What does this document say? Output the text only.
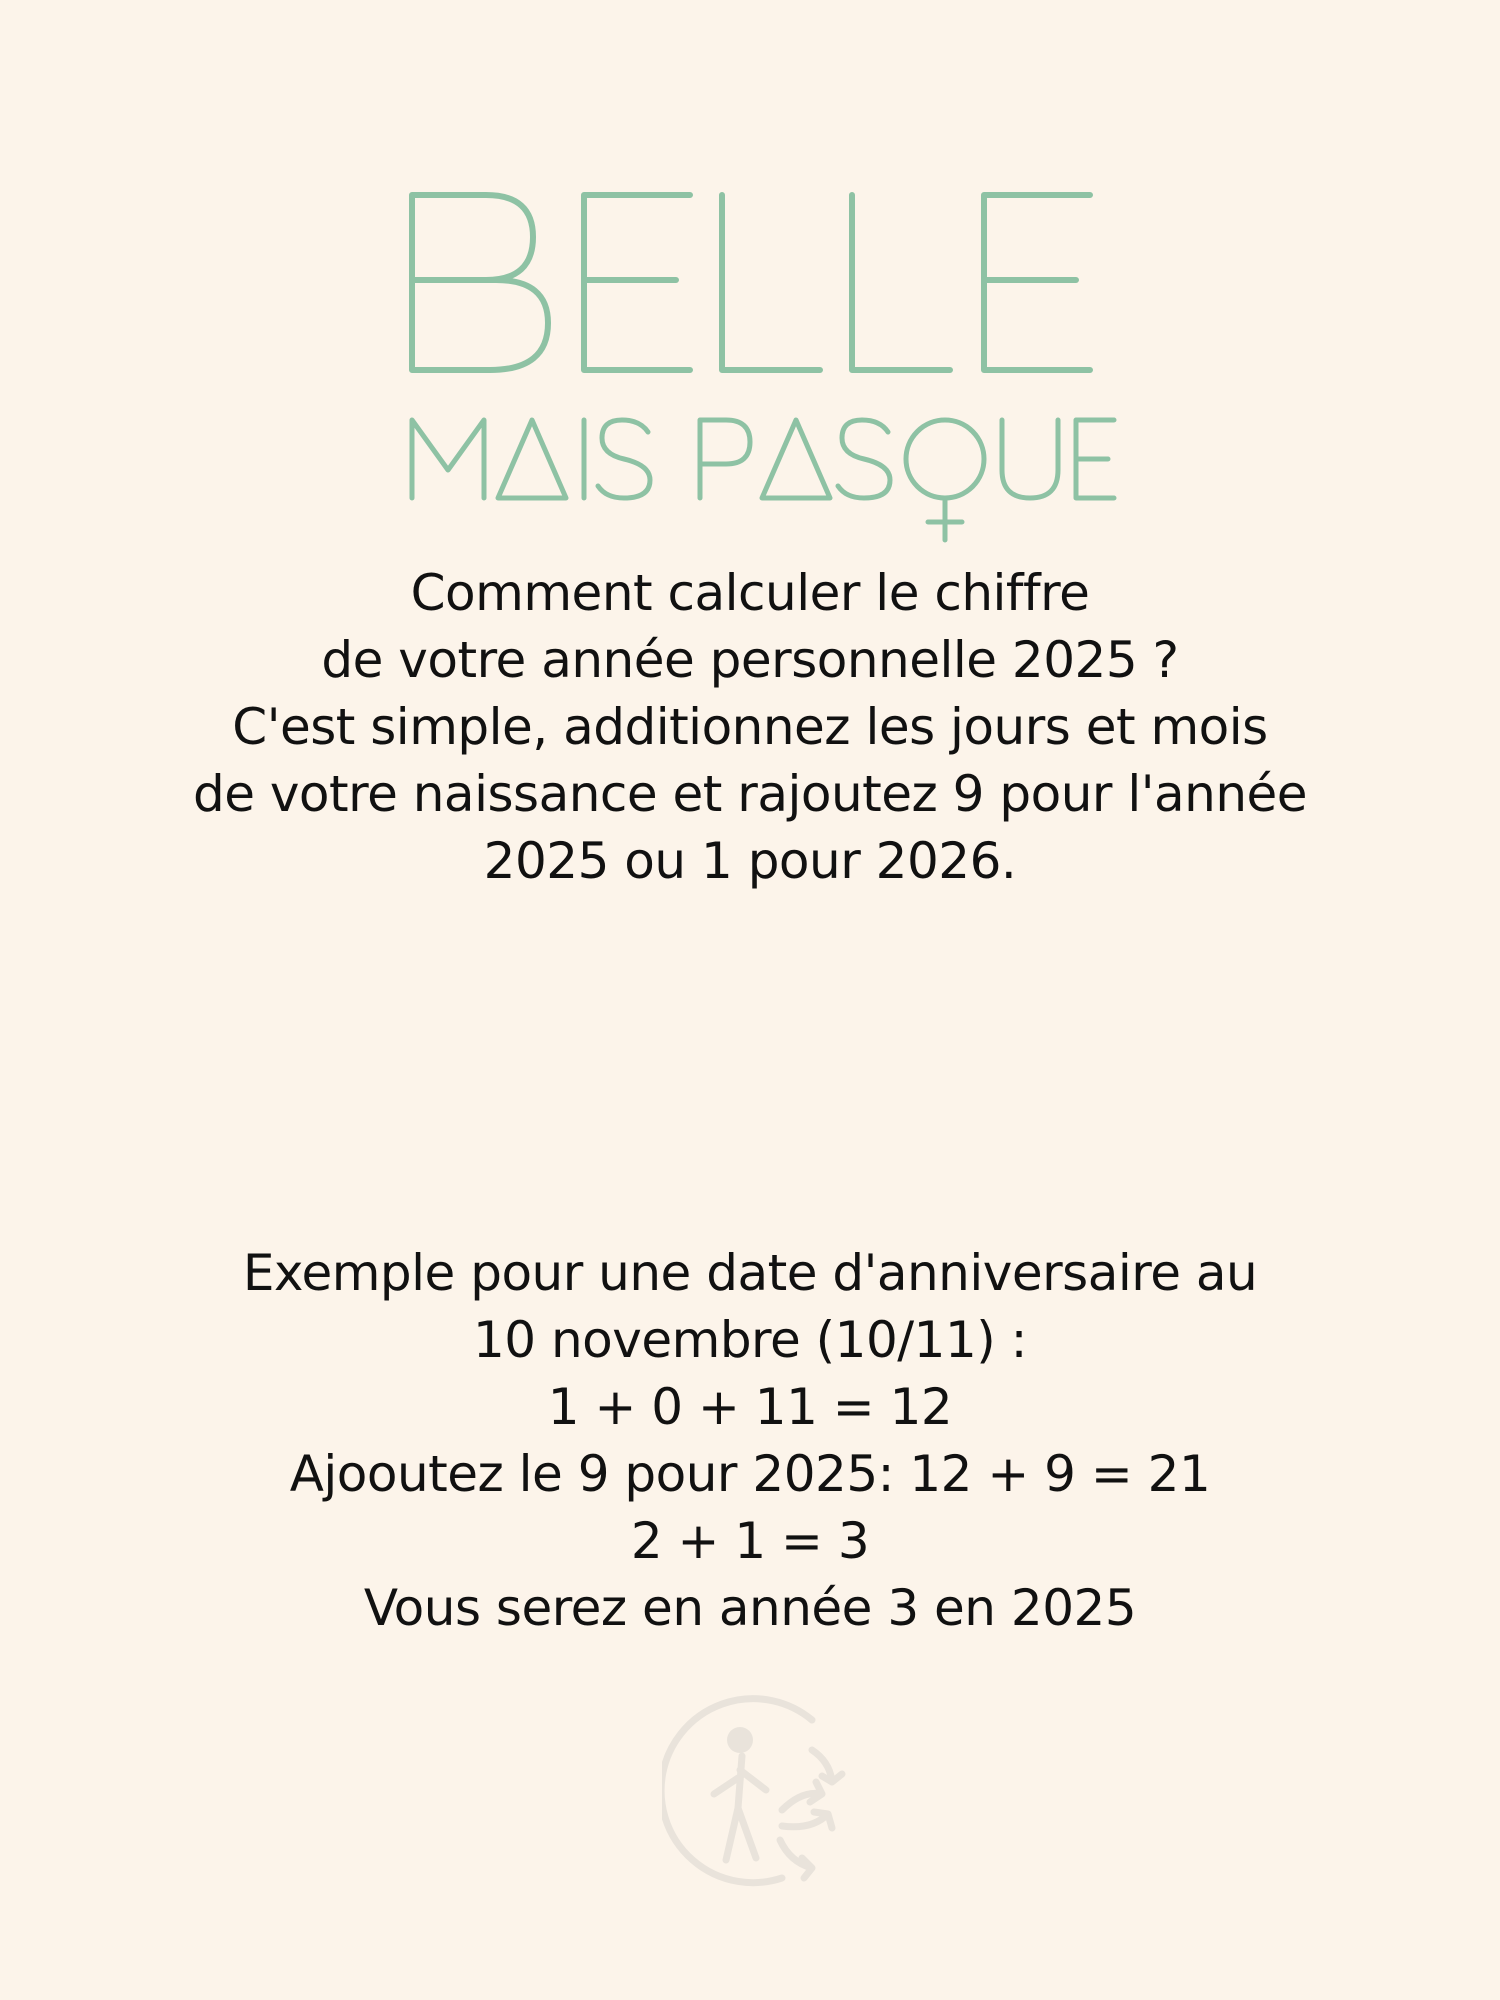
Comment calculer le chiffre
de votre année personnelle 2025 ?
C'est simple, additionnez les jours et mois
de votre naissance et rajoutez 9 pour l'année
2025 ou 1 pour 2026.
Exemple pour une date d'anniversaire au
10 novembre (10/11) :
1 + 0 + 11 = 12
Ajooutez le 9 pour 2025: 12 + 9 = 21
2 + 1 = 3
Vous serez en année 3 en 2025
